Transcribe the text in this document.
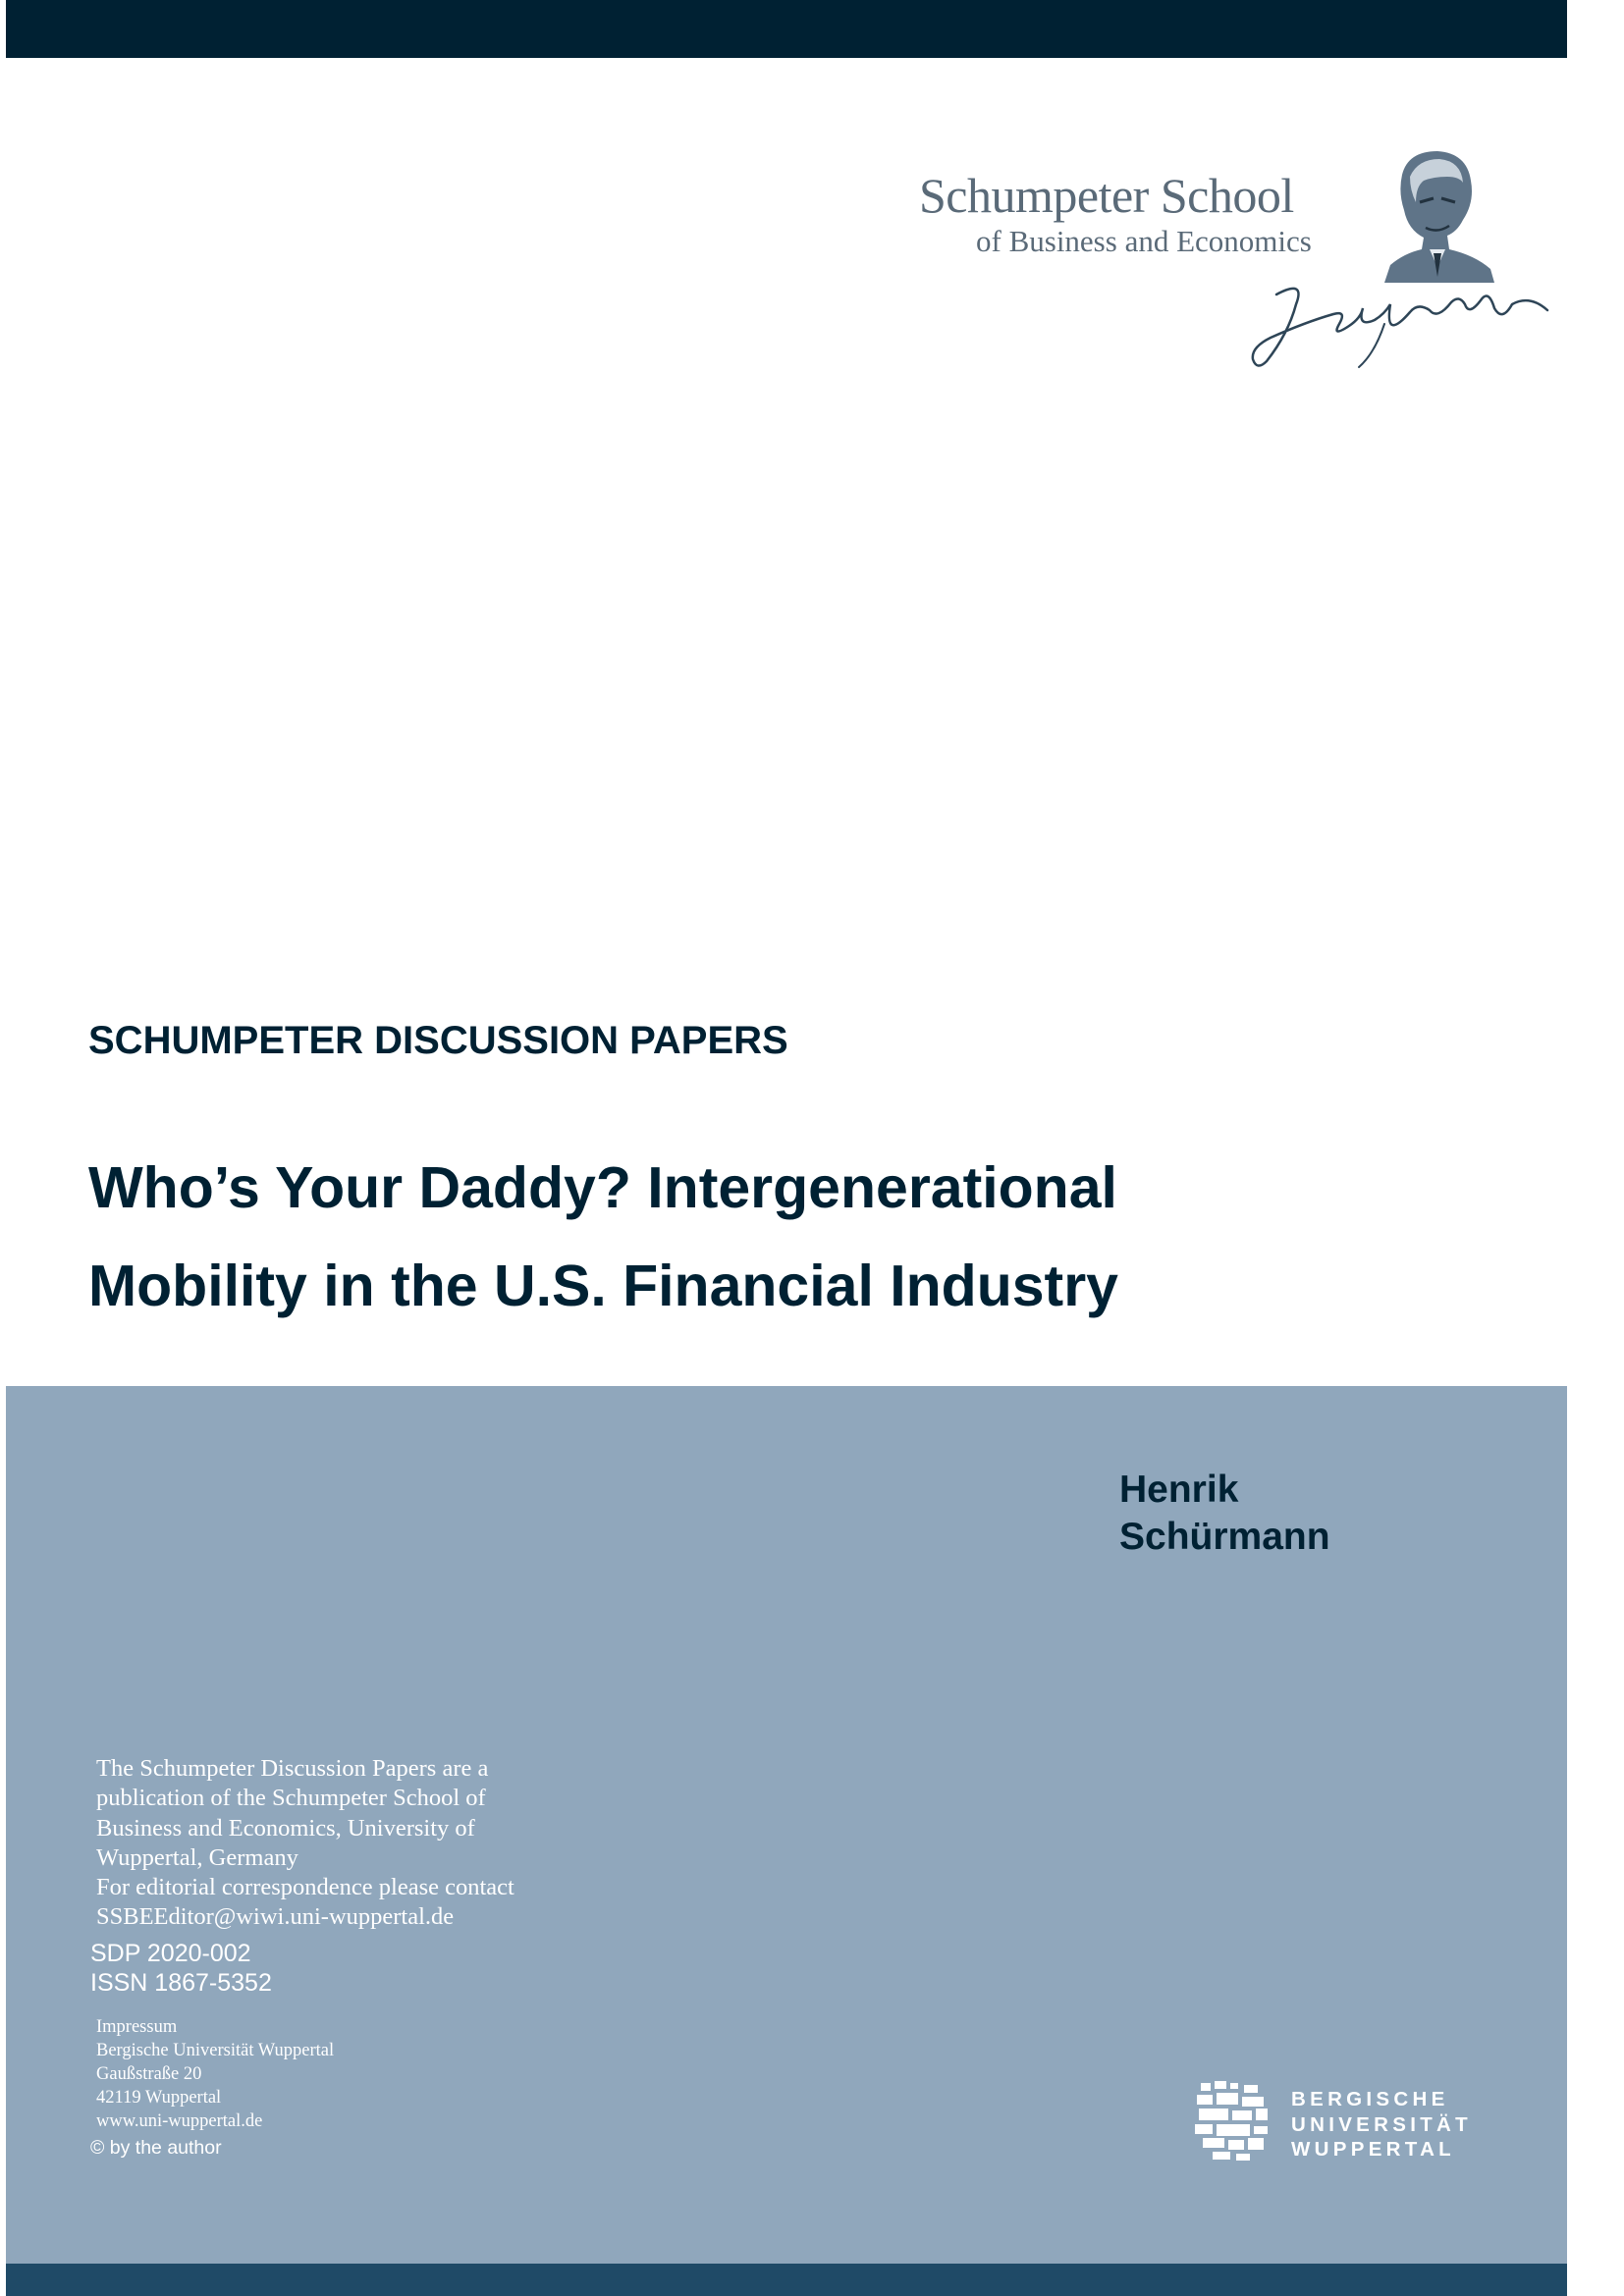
Schumpeter School
of Business and Economics
SCHUMPETER DISCUSSION PAPERS
Who’s Your Daddy? Intergenerational
Mobility in the U.S. Financial Industry
Henrik
Schürmann
The Schumpeter Discussion Papers are a
publication of the Schumpeter School of
Business and Economics, University of
Wuppertal, Germany
For editorial correspondence please contact
SSBEEditor@wiwi.uni-wuppertal.de
SDP 2020-002
ISSN 1867-5352
Impressum
Bergische Universität Wuppertal
Gaußstraße 20
42119 Wuppertal
www.uni-wuppertal.de
© by the author
BERGISCHE
UNIVERSITÄT
WUPPERTAL
